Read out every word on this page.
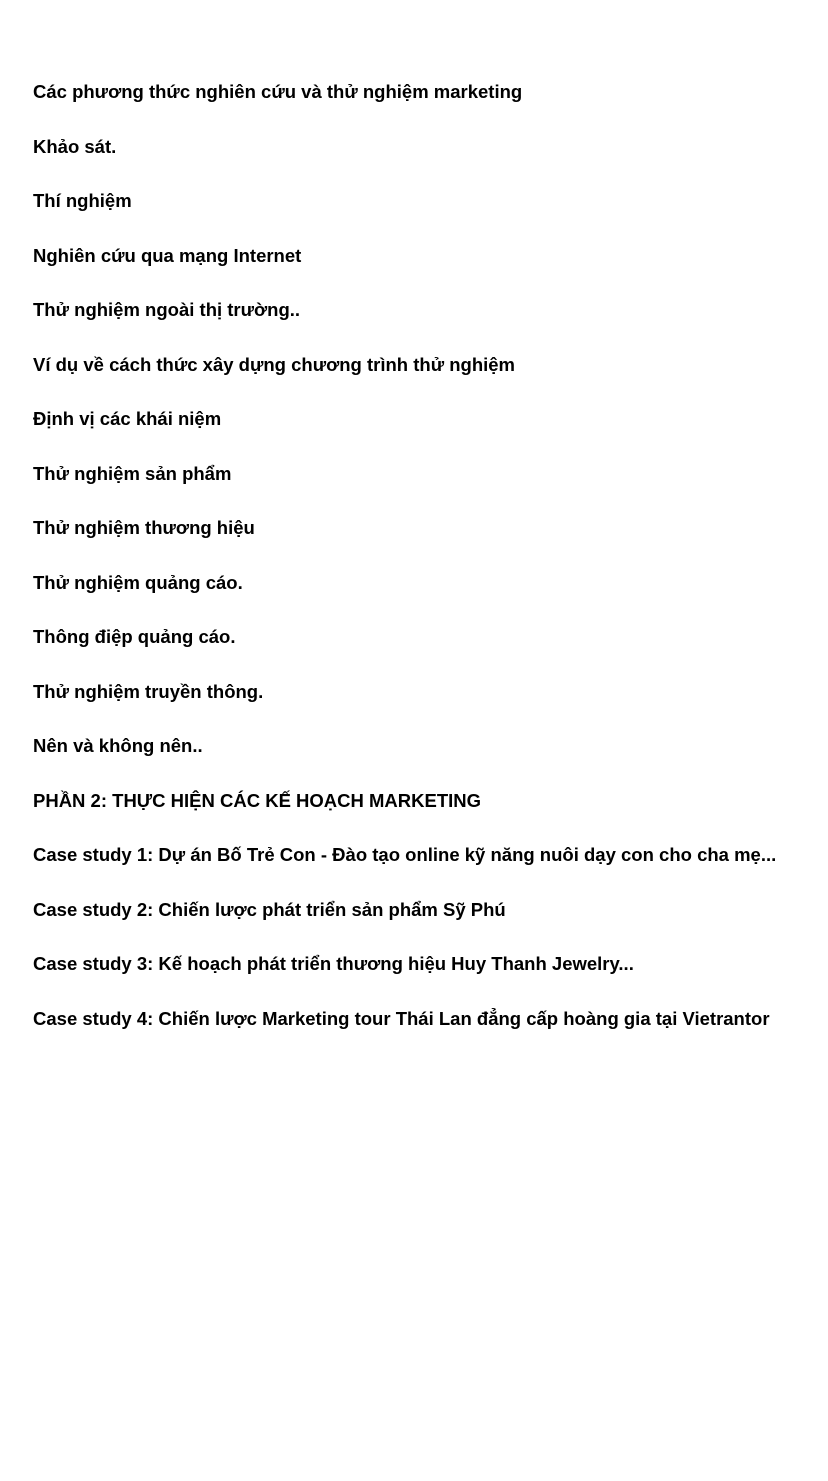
Các phương thức nghiên cứu và thử nghiệm marketing
Khảo sát.
Thí nghiệm
Nghiên cứu qua mạng Internet
Thử nghiệm ngoài thị trường..
Ví dụ về cách thức xây dựng chương trình thử nghiệm
Định vị các khái niệm
Thử nghiệm sản phẩm
Thử nghiệm thương hiệu
Thử nghiệm quảng cáo.
Thông điệp quảng cáo.
Thử nghiệm truyền thông.
Nên và không nên..
PHẦN 2: THỰC HIỆN CÁC KẾ HOẠCH MARKETING
Case study 1: Dự án Bố Trẻ Con - Đào tạo online kỹ năng nuôi dạy con cho cha mẹ...
Case study 2: Chiến lược phát triển sản phẩm Sỹ Phú
Case study 3: Kế hoạch phát triển thương hiệu Huy Thanh Jewelry...
Case study 4: Chiến lược Marketing tour Thái Lan đẳng cấp hoàng gia tại Vietrantor
